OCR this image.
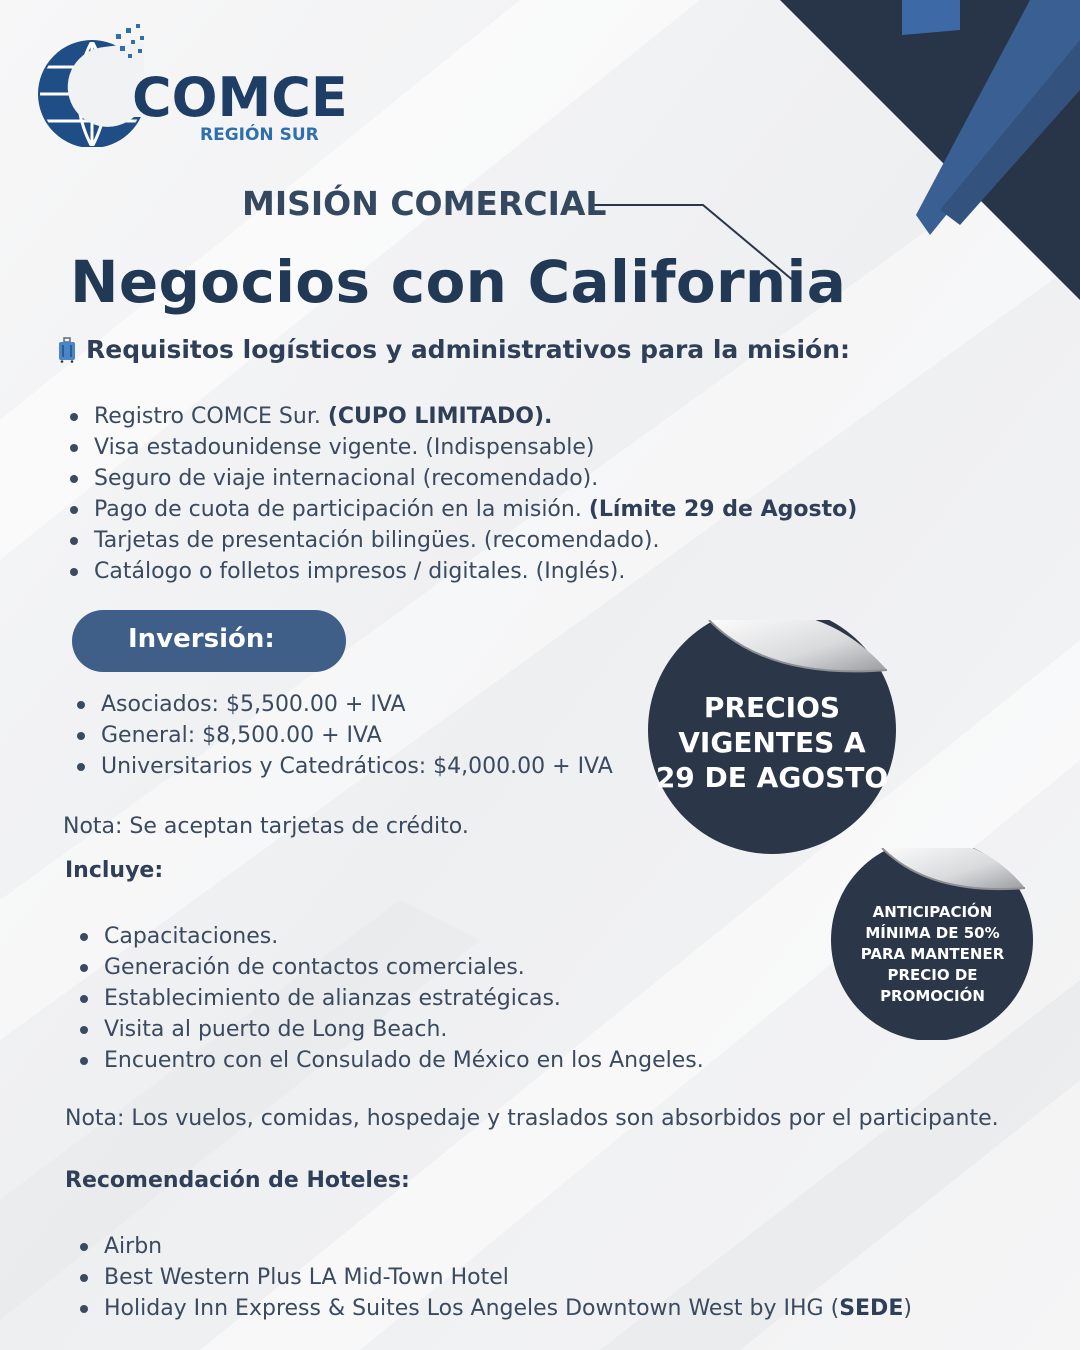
COMCE
REGIÓN SUR
MISIÓN COMERCIAL
Negocios con California
Requisitos logísticos y administrativos para la misión:
Registro COMCE Sur. (CUPO LIMITADO).
Visa estadounidense vigente. (Indispensable)
Seguro de viaje internacional (recomendado).
Pago de cuota de participación en la misión. (Límite 29 de Agosto)
Tarjetas de presentación bilingües. (recomendado).
Catálogo o folletos impresos / digitales. (Inglés).
Inversión:
Asociados: $5,500.00 + IVA
General: $8,500.00 + IVA
Universitarios y Catedráticos: $4,000.00 + IVA
Nota: Se aceptan tarjetas de crédito.
Incluye:
Capacitaciones.
Generación de contactos comerciales.
Establecimiento de alianzas estratégicas.
Visita al puerto de Long Beach.
Encuentro con el Consulado de México en los Angeles.
Nota: Los vuelos, comidas, hospedaje y traslados son absorbidos por el participante.
Recomendación de Hoteles:
Airbn
Best Western Plus LA Mid-Town Hotel
Holiday Inn Express & Suites Los Angeles Downtown West by IHG (SEDE)
PRECIOS
VIGENTES A
29 DE AGOSTO
ANTICIPACIÓN
MÍNIMA DE 50%
PARA MANTENER
PRECIO DE
PROMOCIÓN
